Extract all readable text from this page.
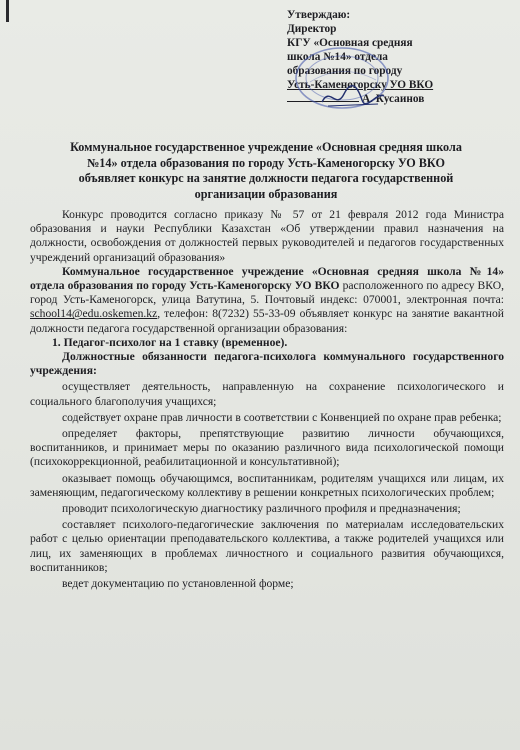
Утверждаю:
Директор
КГУ «Основная средняя
школа №14» отдела
образования по городу
Усть-Каменогорску УО ВКО
А. Кусаинов
Коммунальное государственное учреждение «Основная средняя школа
№14» отдела образования по городу Усть-Каменогорску УО ВКО
объявляет конкурс на занятие должности педагога государственной
организации образования

Конкурс проводится согласно приказу № 57 от 21 февраля 2012 года Министра образования и науки Республики Казахстан «Об утверждении правил назначения на должности, освобождения от должностей первых руководителей и педагогов государственных учреждений организаций образования»

Коммунальное государственное учреждение «Основная средняя школа №14» отдела образования по городу Усть-Каменогорску УО ВКО расположенного по адресу ВКО, город Усть-Каменогорск, улица Ватутина, 5. Почтовый индекс: 070001, электронная почта: school14@edu.oskemen.kz, телефон: 8(7232) 55-33-09 объявляет конкурс на занятие вакантной должности педагога государственной организации образования:

1. Педагог-психолог на 1 ставку (временное).

Должностные обязанности педагога-психолога коммунального государственного учреждения:

осуществляет деятельность, направленную на сохранение психологического и социального благополучия учащихся;

содействует охране прав личности в соответствии с Конвенцией по охране прав ребенка;

определяет факторы, препятствующие развитию личности обучающихся, воспитанников, и принимает меры по оказанию различного вида психологической помощи (психокоррекционной, реабилитационной и консультативной);

оказывает помощь обучающимся, воспитанникам, родителям учащихся или лицам, их заменяющим, педагогическому коллективу в решении конкретных психологических проблем;

проводит психологическую диагностику различного профиля и предназначения;

составляет психолого-педагогические заключения по материалам исследовательских работ с целью ориентации преподавательского коллектива, а также родителей учащихся или лиц, их заменяющих в проблемах личностного и социального развития обучающихся, воспитанников;

ведет документацию по установленной форме;
